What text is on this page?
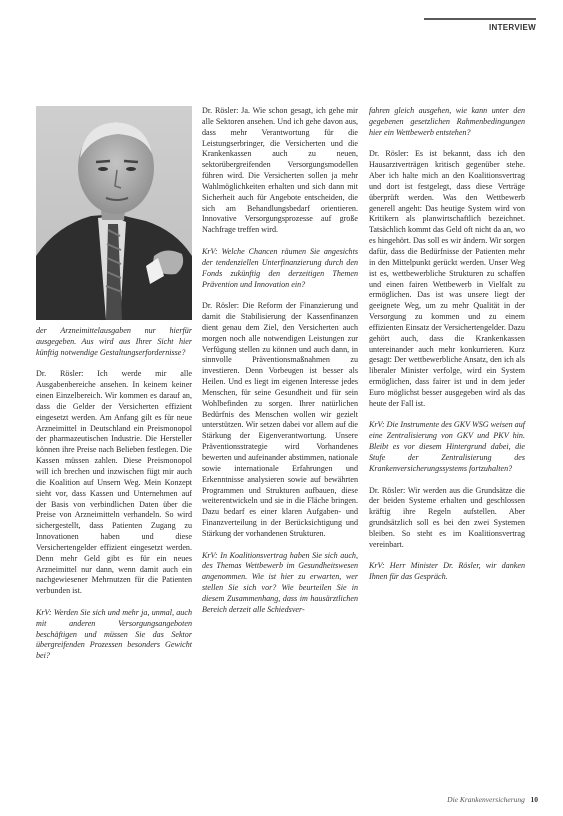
INTERVIEW

der Arzneimittelausgaben nur hierfür ausgegeben. Aus wird aus Ihrer Sicht hier künftig notwendige Gestaltungserfordernisse?

Dr. Rösler: Ich werde mir alle Ausgabenbereiche ansehen. In keinem keiner einen Einzelbereich. Wir kommen es darauf an, dass die Gelder der Versicherten effizient eingesetzt werden. Am Anfang gilt es für neue Arzneimittel in Deutschland ein Preismonopol der pharmazeutischen Industrie. Die Hersteller können ihre Preise nach Belieben festlegen. Die Kassen müssen zahlen. Diese Preismonopol will ich brechen und inzwischen fügt mir auch die Koalition auf Unsern Weg. Mein Konzept sieht vor, dass Kassen und Unternehmen auf der Basis von verbindlichen Daten über die Preise von Arzneimitteln verhandeln. So wird sichergestellt, dass Patienten Zugang zu Innovationen haben und diese Versichertengelder effizient eingesetzt werden. Denn mehr Geld gibt es für ein neues Arzneimittel nur dann, wenn damit auch ein nachgewiesener Mehrnutzen für die Patienten verbunden ist.

KrV: Werden Sie sich und mehr ja, unmal, auch mit anderen Versorgungsangeboten beschäftigen und müssen Sie das Sektor übergreifenden Prozessen besonders Gewicht bei?

Dr. Rösler: Ja. Wie schon gesagt, ich gehe mir alle Sektoren ansehen. Und ich gehe davon aus, dass mehr Verantwortung für die Leistungserbringer, die Versicherten und die Krankenkassen auch zu neuen, sektorübergreifenden Versorgungsmodellen führen wird. Die Versicherten sollen ja mehr Wahlmöglichkeiten erhalten und sich dann mit Sicherheit auch für Angebote entscheiden, die sich am Behandlungsbedarf orientieren. Innovative Versorgungsprozesse auf große Nachfrage treffen wird.

KrV: Welche Chancen räumen Sie angesichts der tendenziellen Unterfinanzierung durch den Fonds zukünftig den derzeitigen Themen Prävention und Innovation ein?

Dr. Rösler: Die Reform der Finanzierung und damit die Stabilisierung der Kassenfinanzen dient genau dem Ziel, den Versicherten auch morgen noch alle notwendigen Leistungen zur Verfügung stellen zu können und auch dann, in sinnvolle Präventionsmaßnahmen zu investieren. Denn Vorbeugen ist besser als Heilen. Und es liegt im eigenen Interesse jedes Menschen, für seine Gesundheit und für sein Wohlbefinden zu sorgen. Ihrer natürlichen Bedürfnis des Menschen wollen wir gezielt unterstützen. Wir setzen dabei vor allem auf die Stärkung der Eigenverantwortung. Unsere Präventionsstrategie wird Vorhandenes bewerten und aufeinander abstimmen, nationale sowie internationale Erfahrungen und Erkenntnisse analysieren sowie auf bewährten Programmen und Strukturen aufbauen, diese weiterentwickeln und sie in die Fläche bringen. Dazu bedarf es einer klaren Aufgaben- und Finanzverteilung in der Berücksichtigung und Stärkung der vorhandenen Strukturen.

KrV: In Koalitionsvertrag haben Sie sich auch, des Themas Wettbewerb im Gesundheitswesen angenommen. Wie ist hier zu erwarten, wer stellen Sie sich vor? Wie beurteilen Sie in diesem Zusammenhang, dass im hausärztlichen Bereich derzeit alle Schiedsver-

fahren gleich ausgehen, wie kann unter den gegebenen gesetzlichen Rahmenbedingungen hier ein Wettbewerb entstehen?

Dr. Rösler: Es ist bekannt, dass ich den Hausarztverträgen kritisch gegenüber stehe. Aber ich halte mich an den Koalitionsvertrag und dort ist festgelegt, dass diese Verträge überprüft werden. Was den Wettbewerb generell angeht: Das heutige System wird von Kritikern als planwirtschaftlich bezeichnet. Tatsächlich kommt das Geld oft nicht da an, wo es hingehört. Das soll es wir ändern. Wir sorgen dafür, dass die Bedürfnisse der Patienten mehr in den Mittelpunkt gerückt werden. Unser Weg ist es, wettbewerbliche Strukturen zu schaffen und einen fairen Wettbewerb in Vielfalt zu ermöglichen. Das ist was unsere liegt der geeignete Weg, um zu mehr Qualität in der Versorgung zu kommen und zu einem effizienten Einsatz der Versichertengelder. Dazu gehört auch, dass die Krankenkassen untereinander auch mehr konkurrieren. Kurz gesagt: Der wettbewerbliche Ansatz, den ich als liberaler Minister verfolge, wird ein System ermöglichen, dass fairer ist und in dem jeder Euro möglichst besser ausgegeben wird als das heute der Fall ist.

KrV: Die Instrumente des GKV WSG weisen auf eine Zentralisierung von GKV und PKV hin. Bleibt es vor diesem Hintergrund dabei, die Stufe der Zentralisierung des Krankenversicherungssystems fortzuhalten?

Dr. Rösler: Wir werden aus die Grundsätze die der beiden Systeme erhalten und geschlossen kräftig ihre Regeln aufstellen. Aber grundsätzlich soll es bei den zwei Systemen bleiben. So steht es im Koalitionsvertrag vereinbart.

KrV: Herr Minister Dr. Rösler, wir danken Ihnen für das Gespräch.

Die Krankenversicherung 10
